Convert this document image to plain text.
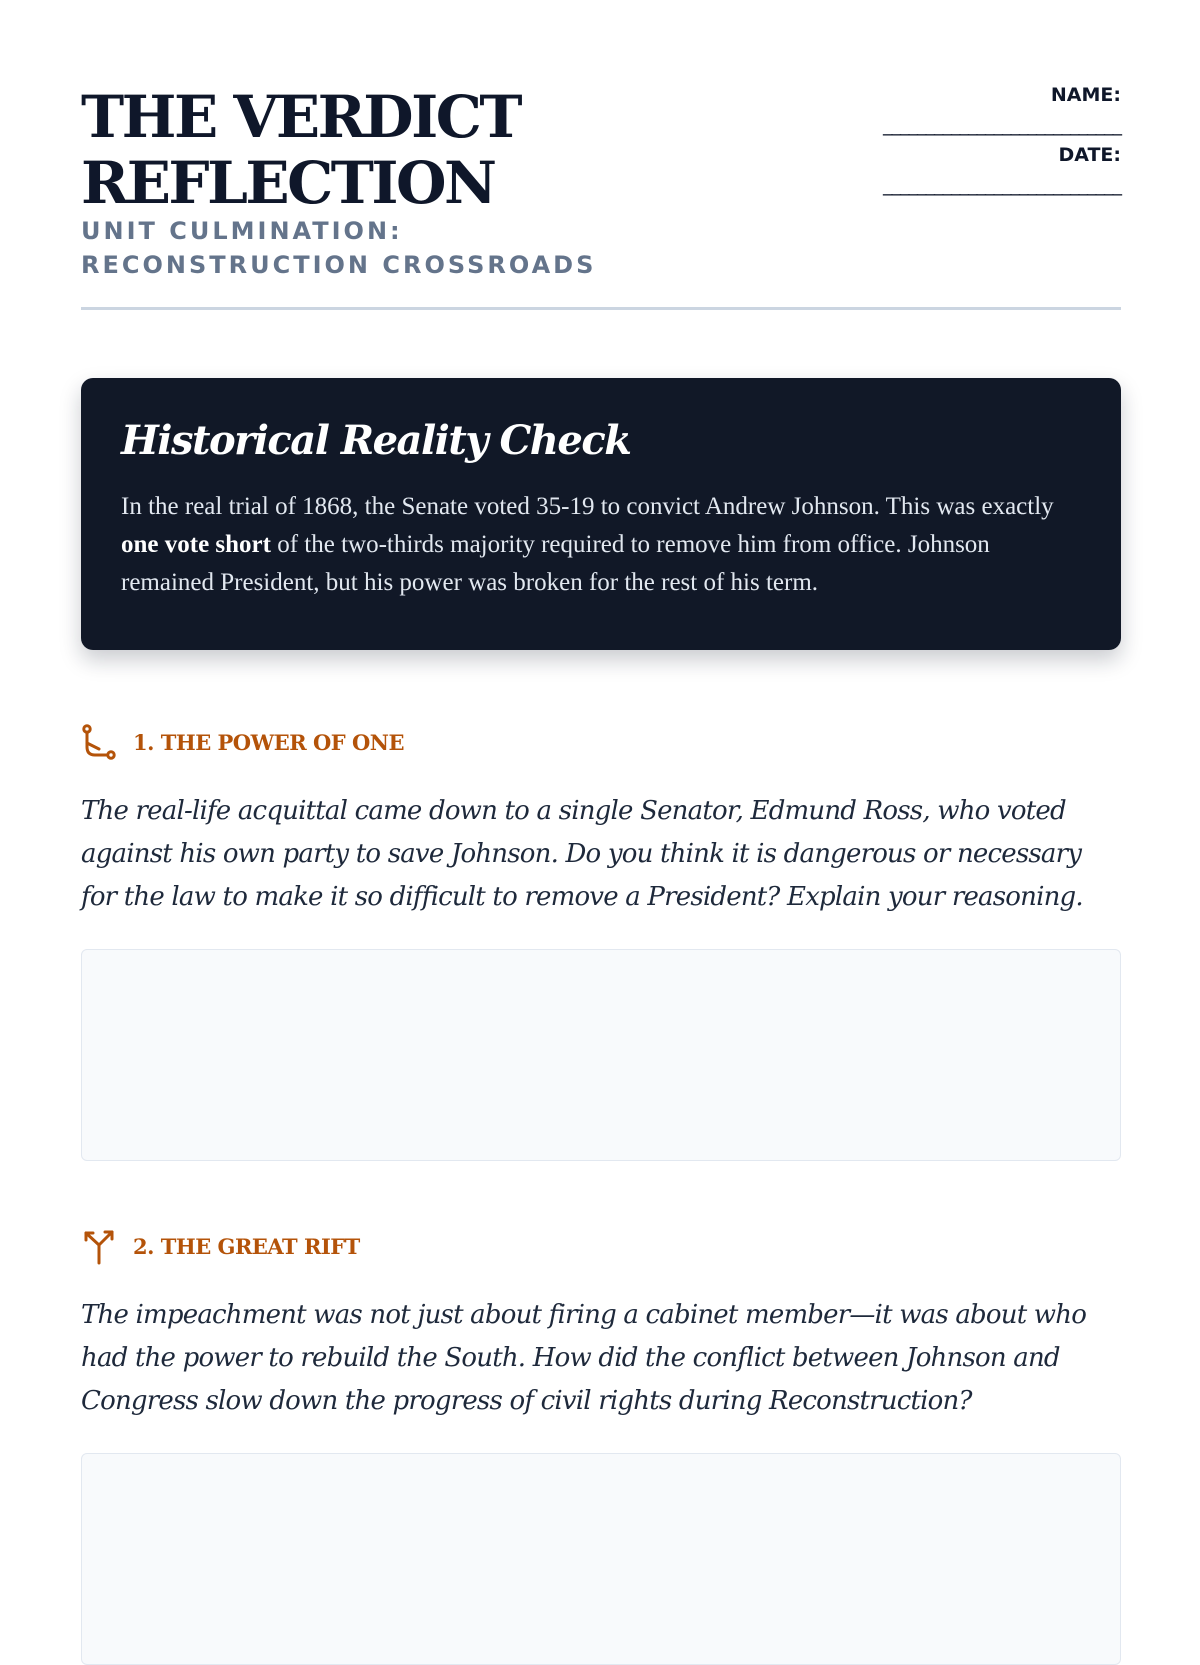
THE VERDICT
REFLECTION
UNIT CULMINATION: RECONSTRUCTION CROSSROADS
NAME:

____________________________
DATE:

____________________________
Historical Reality Check

In the real trial of 1868, the Senate voted 35-19 to convict Andrew Johnson. This was exactly one vote short of the two-thirds majority required to remove him from office. Johnson remained President, but his power was broken for the rest of his term.

1. THE POWER OF ONE

The real-life acquittal came down to a single Senator, Edmund Ross, who voted against his own party to save Johnson. Do you think it is dangerous or necessary for the law to make it so difficult to remove a President? Explain your reasoning.

2. THE GREAT RIFT

The impeachment was not just about firing a cabinet member—it was about who had the power to rebuild the South. How did the conflict between Johnson and Congress slow down the progress of civil rights during Reconstruction?
